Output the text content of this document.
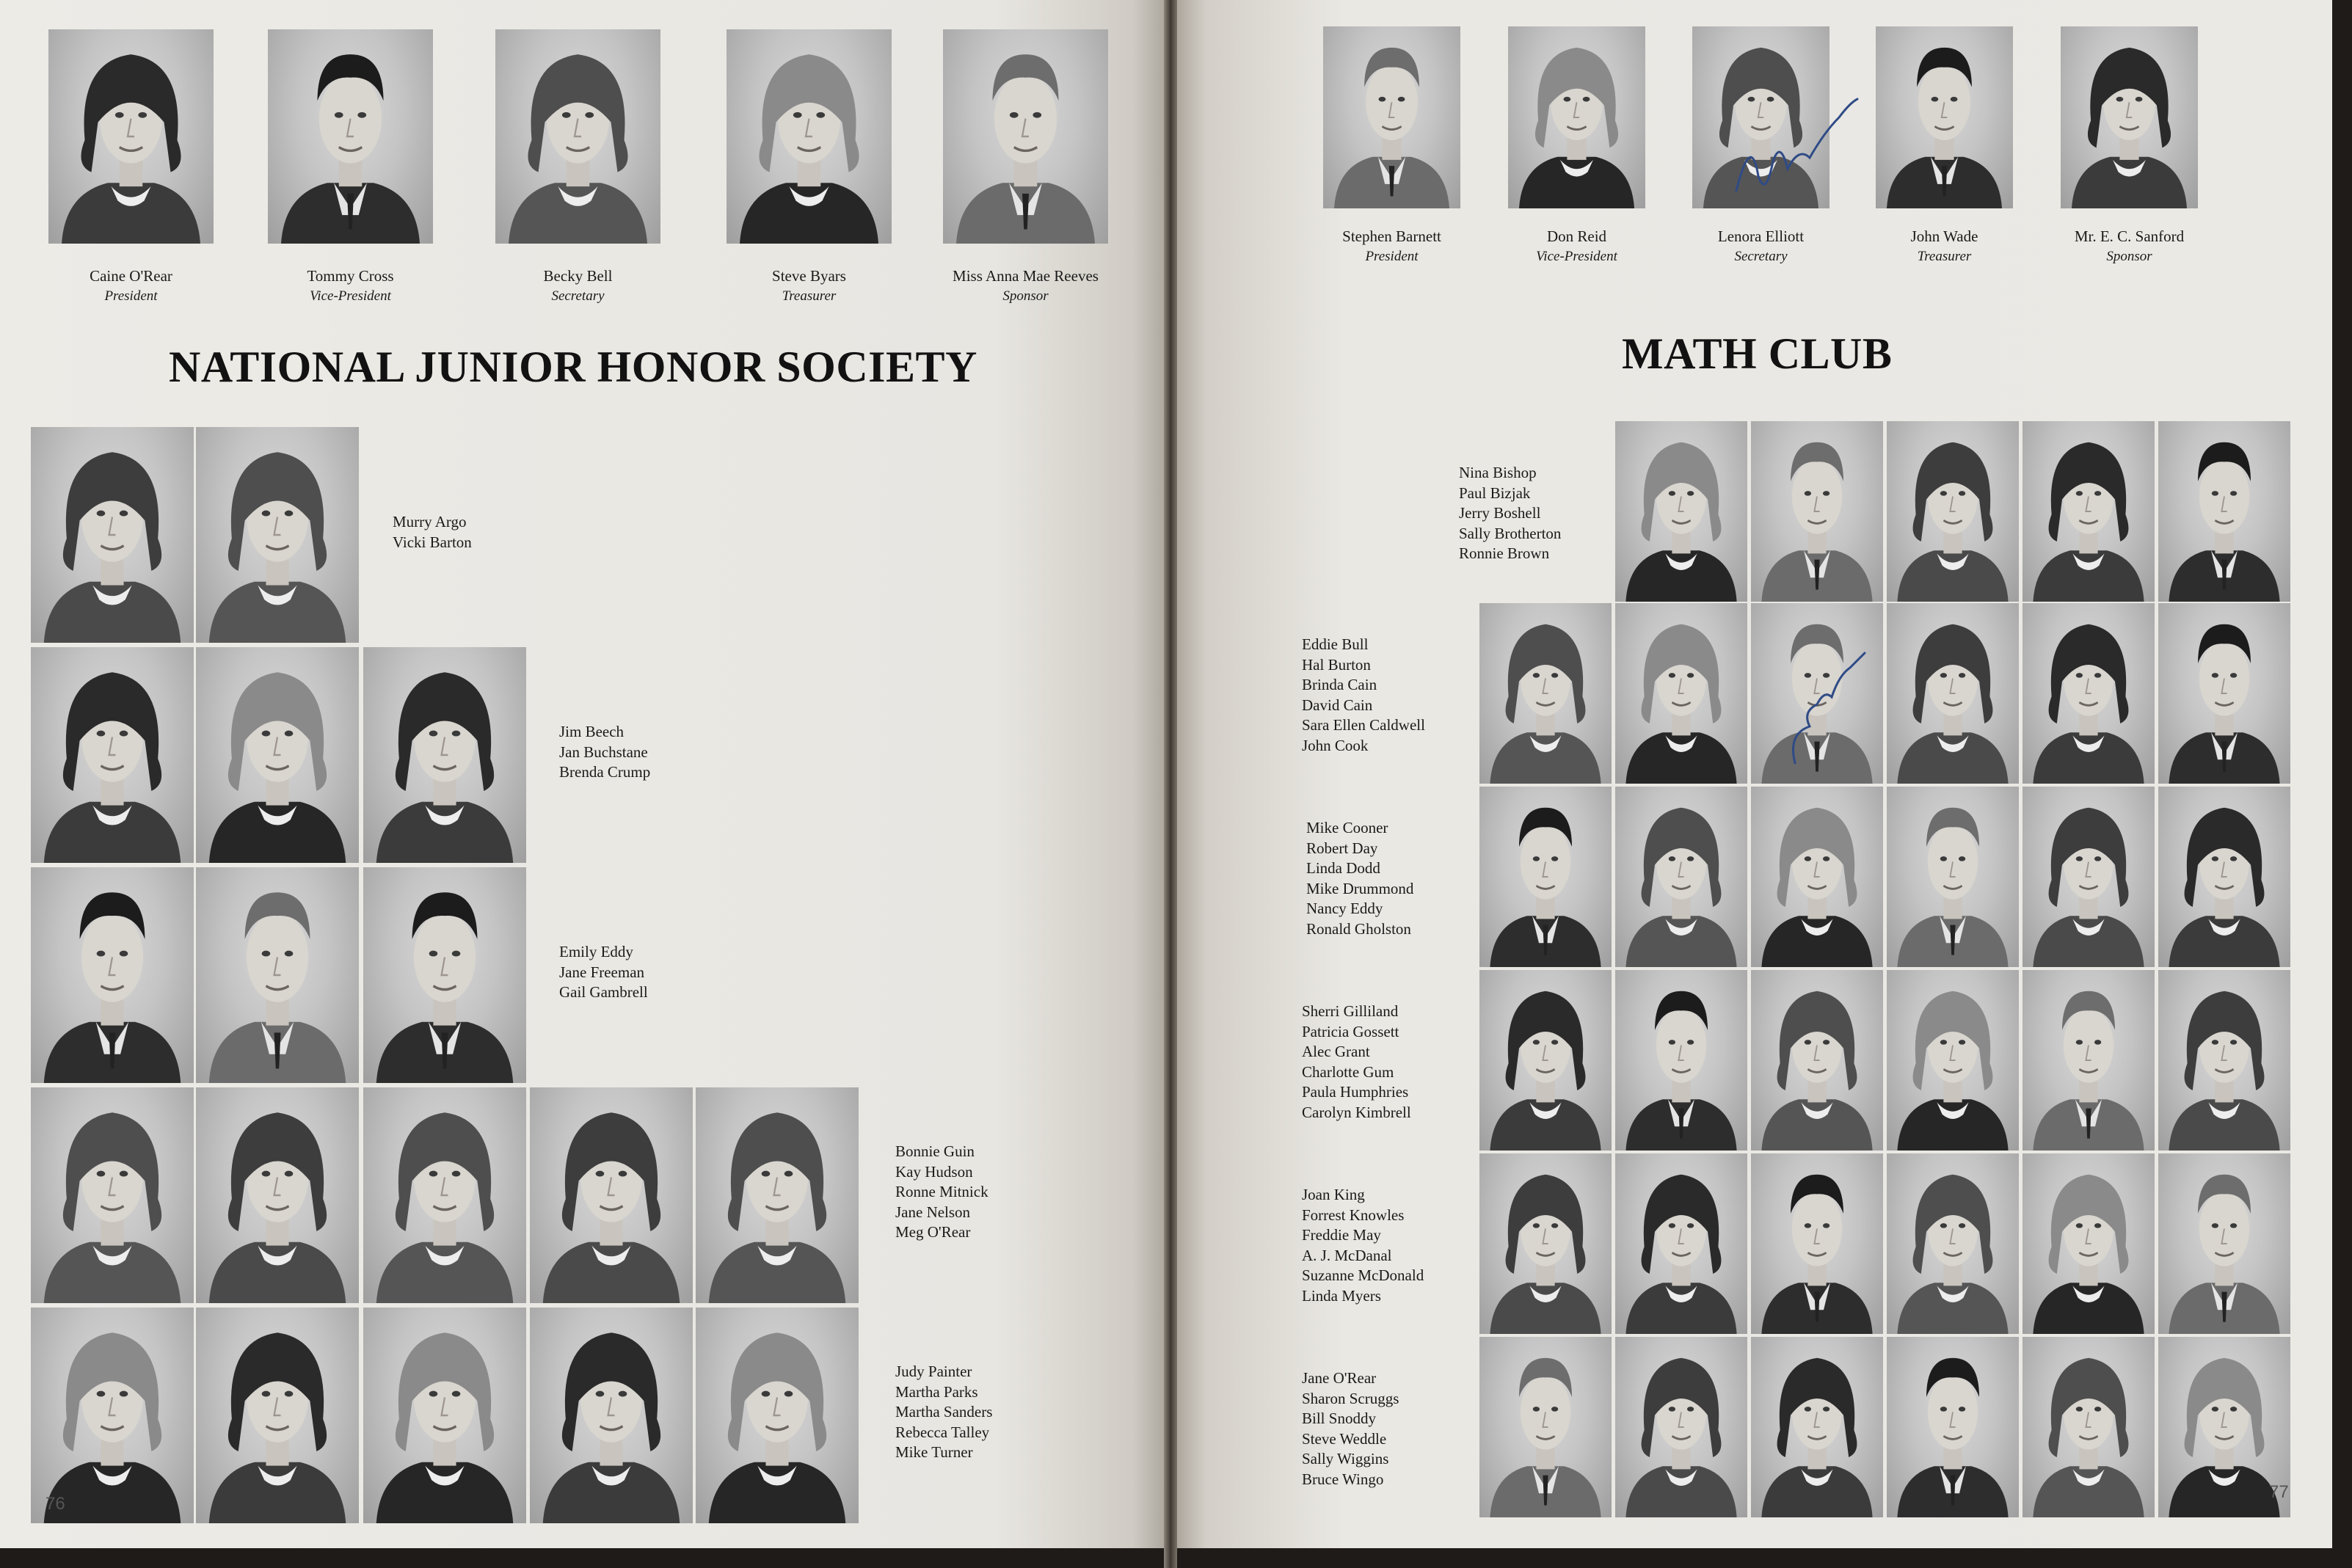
Caine O'Rear
President
Tommy Cross
Vice-President
Becky Bell
Secretary
Steve Byars
Treasurer
Miss Anna Mae Reeves
Sponsor
NATIONAL JUNIOR HONOR SOCIETY
Murry Argo
Vicki Barton
Jim Beech
Jan Buchstane
Brenda Crump
Emily Eddy
Jane Freeman
Gail Gambrell
Bonnie Guin
Kay Hudson
Ronne Mitnick
Jane Nelson
Meg O'Rear
Judy Painter
Martha Parks
Martha Sanders
Rebecca Talley
Mike Turner
76
Stephen Barnett
President
Don Reid
Vice-President
Lenora Elliott
Secretary
John Wade
Treasurer
Mr. E. C. Sanford
Sponsor
MATH CLUB
Nina Bishop
Paul Bizjak
Jerry Boshell
Sally Brotherton
Ronnie Brown
Eddie Bull
Hal Burton
Brinda Cain
David Cain
Sara Ellen Caldwell
John Cook
Mike Cooner
Robert Day
Linda Dodd
Mike Drummond
Nancy Eddy
Ronald Gholston
Sherri Gilliland
Patricia Gossett
Alec Grant
Charlotte Gum
Paula Humphries
Carolyn Kimbrell
Joan King
Forrest Knowles
Freddie May
A. J. McDanal
Suzanne McDonald
Linda Myers
Jane O'Rear
Sharon Scruggs
Bill Snoddy
Steve Weddle
Sally Wiggins
Bruce Wingo
77
